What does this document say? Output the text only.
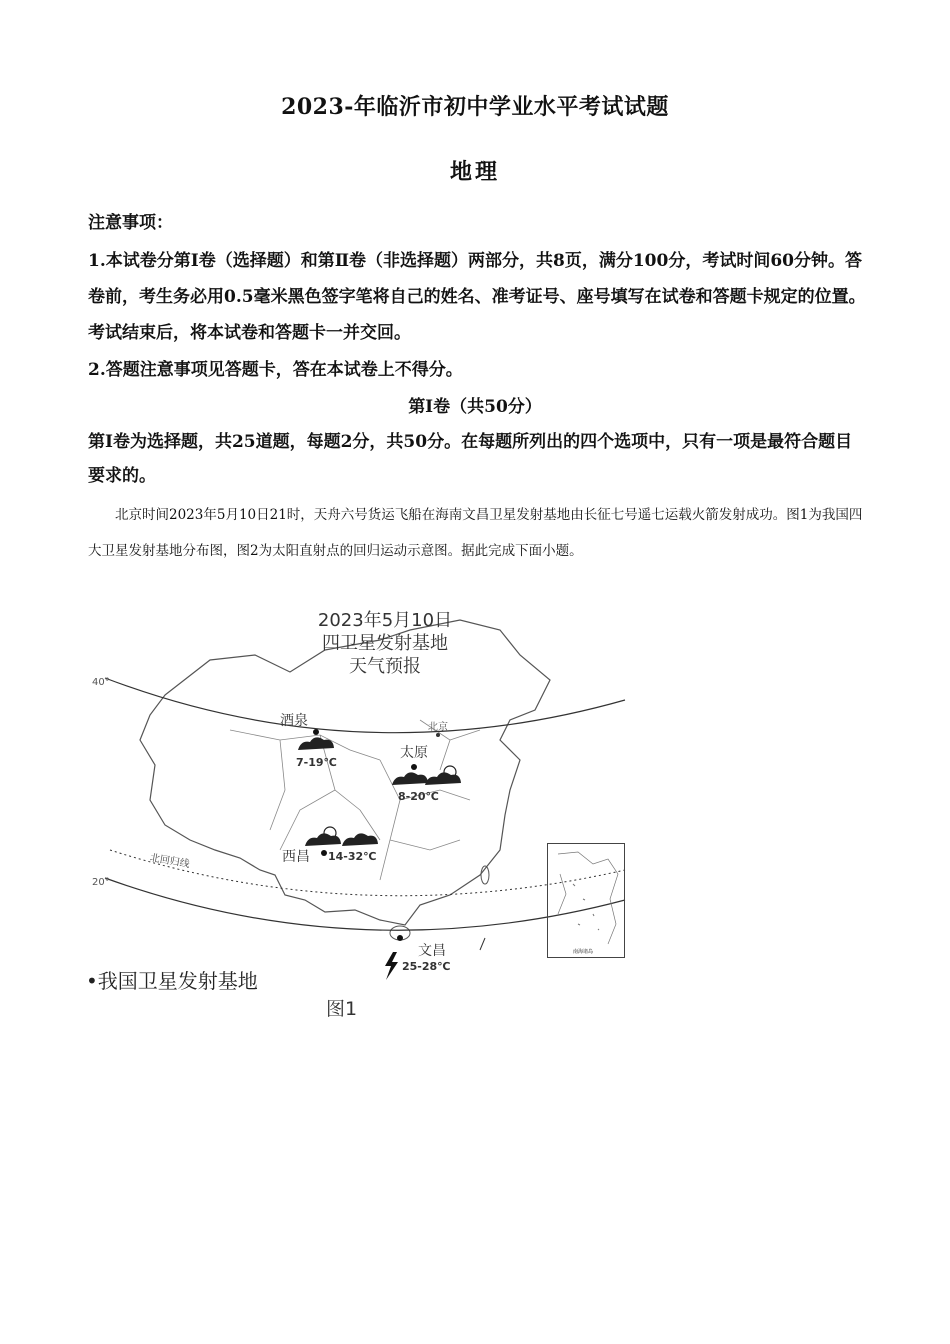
2023-年临沂市初中学业水平考试试题
地理
注意事项：
1.本试卷分第Ⅰ卷（选择题）和第Ⅱ卷（非选择题）两部分，共8页，满分100分，考试时间60分钟。答卷前，考生务必用0.5毫米黑色签字笔将自己的姓名、准考证号、座号填写在试卷和答题卡规定的位置。考试结束后，将本试卷和答题卡一并交回。
2.答题注意事项见答题卡，答在本试卷上不得分。
第Ⅰ卷（共50分）
第Ⅰ卷为选择题，共25道题，每题2分，共50分。在每题所列出的四个选项中，只有一项是最符合题目要求的。
北京时间2023年5月10日21时，天舟六号货运飞船在海南文昌卫星发射基地由长征七号遥七运载火箭发射成功。图1为我国四大卫星发射基地分布图，图2为太阳直射点的回归运动示意图。据此完成下面小题。
2023年5月10日
四卫星发射基地
天气预报
40°
20°
北回归线
北京
酒泉
7-19℃
太原
8-20℃
西昌 14-32℃
文昌
25-28℃
南海诸岛
•我国卫星发射基地
图1
